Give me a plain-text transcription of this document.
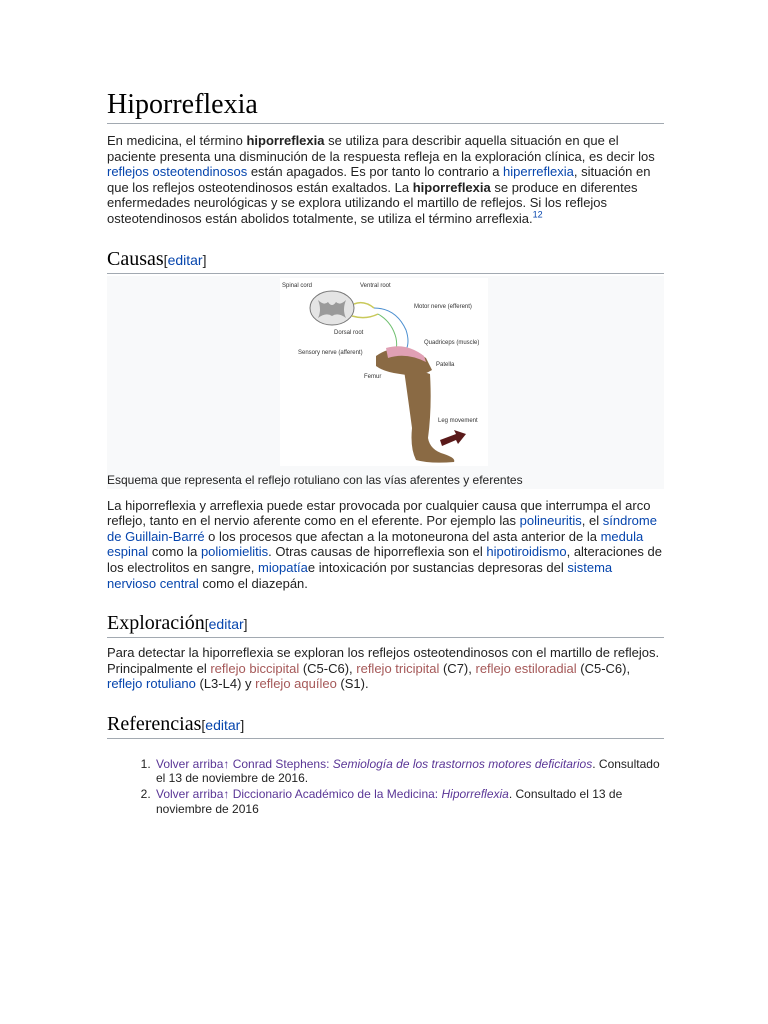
Hiporreflexia

En medicina, el término hiporreflexia se utiliza para describir aquella situación en que el paciente presenta una disminución de la respuesta refleja en la exploración clínica, es decir los reflejos osteotendinosos están apagados. Es por tanto lo contrario a hiperreflexia, situación en que los reflejos osteotendinosos están exaltados. La hiporreflexia se produce en diferentes enfermedades neurológicas y se explora utilizando el martillo de reflejos. Si los reflejos osteotendinosos están abolidos totalmente, se utiliza el término arreflexia.$^{12}$

Causas[editar]
Spinal cord	Ventral root
Motor nerve (efferent)
Dorsal root
Quadriceps (muscle)
Sensory nerve (afferent)
Patella
Femur
Leg movement
Esquema que representa el reflejo rotuliano con las vías aferentes y eferentes

La hiporreflexia y arreflexia puede estar provocada por cualquier causa que interrumpa el arco reflejo, tanto en el nervio aferente como en el eferente. Por ejemplo las polineuritis, el síndrome de Guillain-Barré o los procesos que afectan a la motoneurona del asta anterior de la medula espinal como la poliomielitis. Otras causas de hiporreflexia son el hipotiroidismo, alteraciones de los electrolitos en sangre, miopatíae intoxicación por sustancias depresoras del sistema nervioso central como el diazepán.

Exploración[editar]

Para detectar la hiporreflexia se exploran los reflejos osteotendinosos con el martillo de reflejos. Principalmente el reflejo biccipital (C5-C6), reflejo tricipital (C7), reflejo estiloradial (C5-C6), reflejo rotuliano (L3-L4) y reflejo aquíleo (S1).

Referencias[editar]
1. Volver arriba↑ Conrad Stephens: Semiología de los trastornos motores deficitarios. Consultado el 13 de noviembre de 2016.
2. Volver arriba↑ Diccionario Académico de la Medicina: Hiporreflexia. Consultado el 13 de noviembre de 2016
